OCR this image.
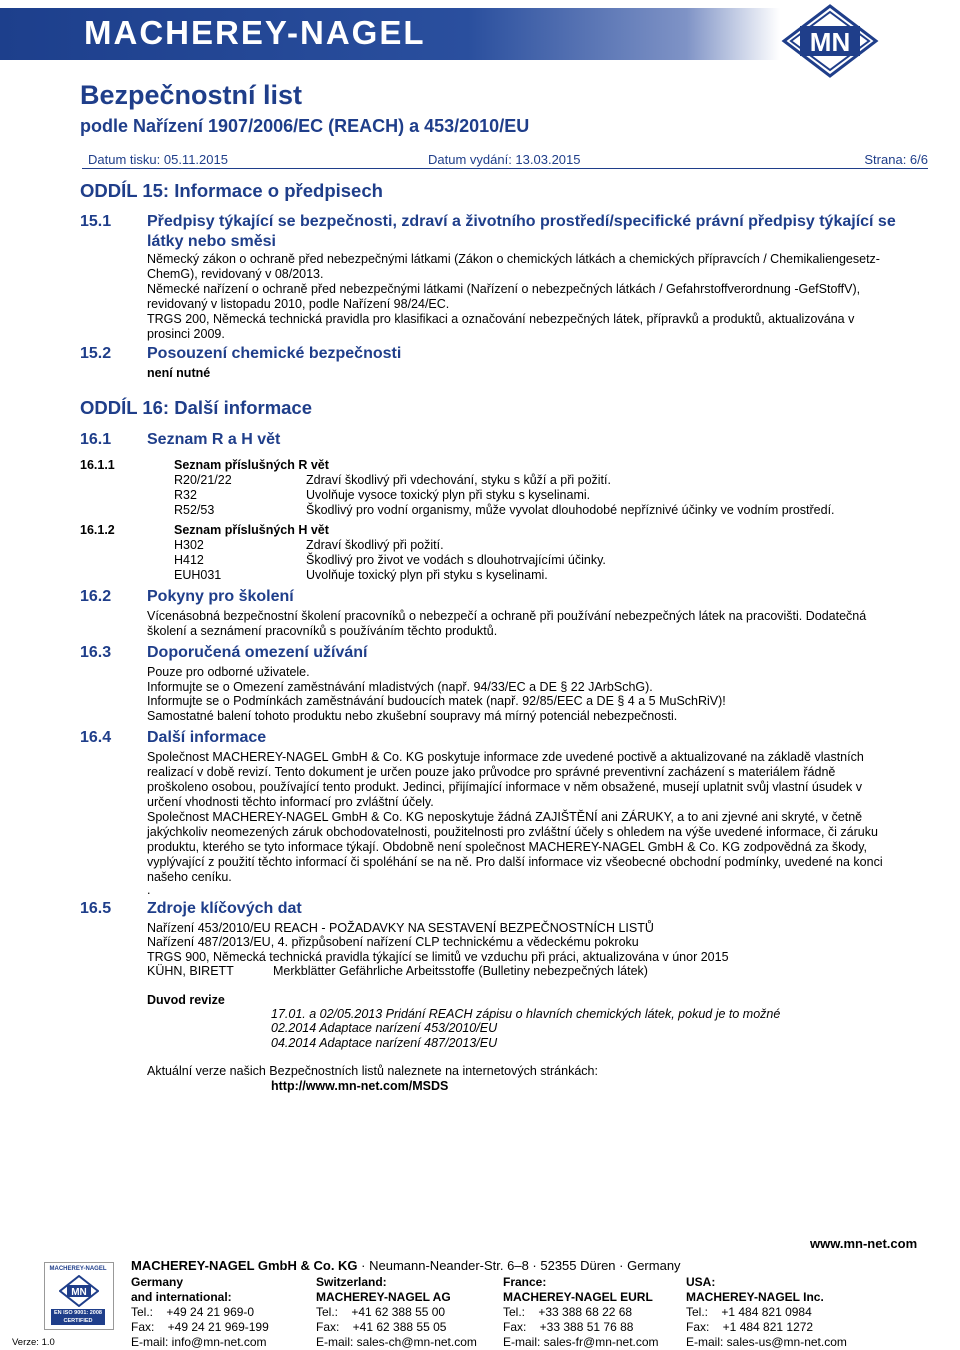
MACHEREY-NAGEL	MN
Bezpečnostní list
podle Nařízení 1907/2006/EC (REACH) a 453/2010/EU
Datum tisku: 05.11.2015	Datum vydání: 13.03.2015	Strana: 6/6
ODDÍL 15: Informace o předpisech
15.1 Předpisy týkající se bezpečnosti, zdraví a životního prostředí/specifické právní předpisy týkající se
látky nebo směsi
Německý zákon o ochraně před nebezpečnými látkami (Zákon o chemických látkách a chemických přípravcích / Chemikaliengesetz-
ChemG), revidovaný v 08/2013.
Německé nařízení o ochraně před nebezpečnými látkami (Nařízení o nebezpečných látkách / Gefahrstoffverordnung -GefStoffV),
revidovaný v listopadu 2010, podle Nařízení 98/24/EC.
TRGS 200, Německá technická pravidla pro klasifikaci a označování nebezpečných látek, přípravků a produktů, aktualizována v
prosinci 2009.
15.2 Posouzení chemické bezpečnosti
není nutné
ODDÍL 16: Další informace
16.1 Seznam R a H vět
16.1.1	Seznam příslušných R vět
R20/21/22	Zdraví škodlivý při vdechování, styku s kůží a při požití.
R32	Uvolňuje vysoce toxický plyn při styku s kyselinami.
R52/53	Škodlivý pro vodní organismy, může vyvolat dlouhodobé nepříznivé účinky ve vodním prostředí.
16.1.2	Seznam příslušných H vět
H302	Zdraví škodlivý při požití.
H412	Škodlivý pro život ve vodách s dlouhotrvajícími účinky.
EUH031	Uvolňuje toxický plyn při styku s kyselinami.
16.2 Pokyny pro školení
Vícenásobná bezpečnostní školení pracovníků o nebezpečí a ochraně při používání nebezpečných látek na pracovišti. Dodatečná
školení a seznámení pracovníků s používáním těchto produktů.
16.3 Doporučená omezení užívání
Pouze pro odborné uživatele.
Informujte se o Omezení zaměstnávání mladistvých (např. 94/33/EC a DE § 22 JArbSchG).
Informujte se o Podmínkách zaměstnávání budoucích matek (např. 92/85/EEC a DE § 4 a 5 MuSchRiV)!
Samostatné balení tohoto produktu nebo zkušební soupravy má mírný potenciál nebezpečnosti.
16.4 Další informace
Společnost MACHEREY-NAGEL GmbH & Co. KG poskytuje informace zde uvedené poctivě a aktualizované na základě vlastních
realizací v době revizí. Tento dokument je určen pouze jako průvodce pro správné preventivní zacházení s materiálem řádně
proškoleno osobou, používající tento produkt. Jedinci, přijímající informace v něm obsažené, musejí uplatnit svůj vlastní úsudek v
určení vhodnosti těchto informací pro zvláštní účely.
Společnost MACHEREY-NAGEL GmbH & Co. KG neposkytuje žádná ZAJIŠTĚNÍ ani ZÁRUKY, a to ani zjevné ani skryté, v četně
jakýchkoliv neomezených záruk obchodovatelnosti, použitelnosti pro zvláštní účely s ohledem na výše uvedené informace, či záruku
produktu, kterého se tyto informace týkají. Obdobně není společnost MACHEREY-NAGEL GmbH & Co. KG zodpovědná za škody,
vyplývající z použití těchto informací či spoléhání se na ně. Pro další informace viz všeobecné obchodní podmínky, uvedené na konci
našeho ceníku.
.
16.5 Zdroje klíčových dat
Nařízení 453/2010/EU REACH - POŽADAVKY NA SESTAVENÍ BEZPEČNOSTNÍCH LISTŮ
Nařízení 487/2013/EU, 4. přizpůsobení nařízení CLP technickému a vědeckému pokroku
TRGS 900, Německá technická pravidla týkající se limitů ve vzduchu při práci, aktualizována v únor 2015
KÜHN, BIRETT	Merkblätter Gefährliche Arbeitsstoffe (Bulletiny nebezpečných látek)
Duvod revize
17.01. a 02/05.2013 Pridání REACH zápisu o hlavních chemických látek, pokud je to možné
02.2014 Adaptace narízení 453/2010/EU
04.2014 Adaptace narízení 487/2013/EU
Aktuální verze našich Bezpečnostních listů naleznete na internetových stránkách:
http://www.mn-net.com/MSDS
www.mn-net.com
MACHEREY-NAGEL GmbH & Co. KG · Neumann-Neander-Str. 6–8 · 52355 Düren · Germany
MACHEREY-NAGEL
MN
EN ISO 9001: 2008 CERTIFIED
Verze: 1.0
Germany
and international:
Tel.:    +49 24 21 969-0
Fax:    +49 24 21 969-199
E-mail: info@mn-net.com
Switzerland:
MACHEREY-NAGEL AG
Tel.:    +41 62 388 55 00
Fax:    +41 62 388 55 05
E-mail: sales-ch@mn-net.com
France:
MACHEREY-NAGEL EURL
Tel.:    +33 388 68 22 68
Fax:    +33 388 51 76 88
E-mail: sales-fr@mn-net.com
USA:
MACHEREY-NAGEL Inc.
Tel.:    +1 484 821 0984
Fax:    +1 484 821 1272
E-mail: sales-us@mn-net.com
